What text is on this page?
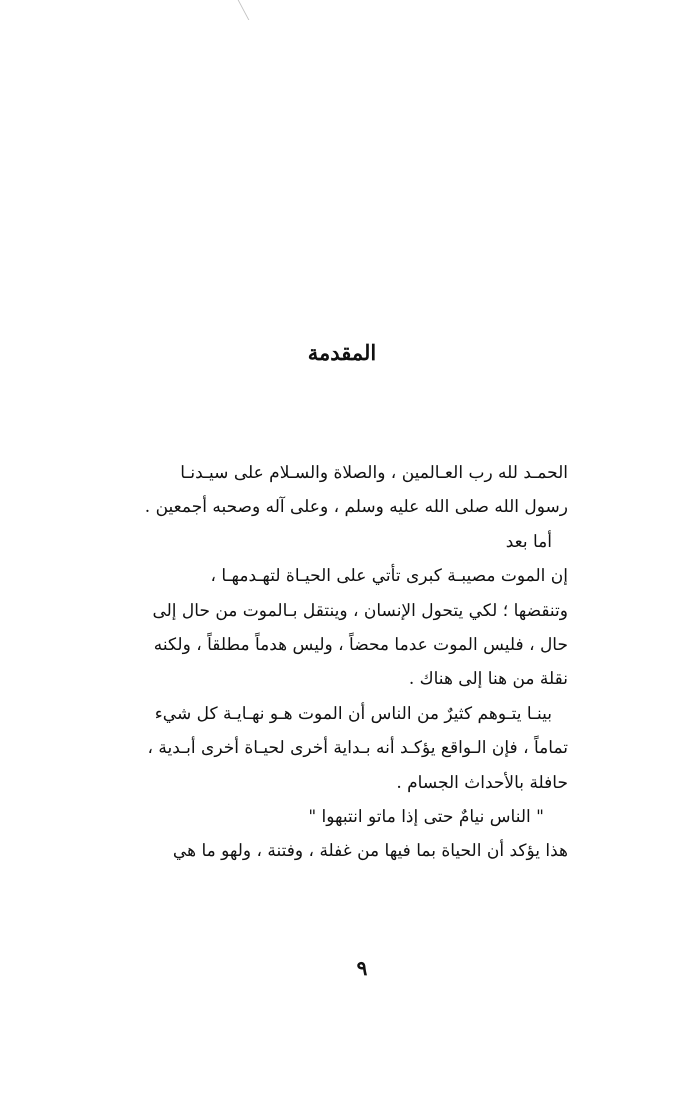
المقدمة
الحمـد لله رب العـالمين ، والصلاة والسـلام على سيـدنـا
رسول الله صلى الله عليه وسلم ، وعلى آله وصحبه أجمعين .
أما بعد
إن الموت مصيبـة كبرى تأتي على الحيـاة لتهـدمهـا ،
وتنقضها ؛ لكي يتحول الإنسان ، وينتقل بـالموت من حال إلى
حال ، فليس الموت عدما محضاً ، وليس هدماً مطلقاً ، ولكنه
نقلة من هنا إلى هناك .
بينـا يتـوهم كثيرٌ من الناس أن الموت هـو نهـايـة كل شيء
تماماً ، فإن الـواقع يؤكـد أنه بـداية أخرى لحيـاة أخرى أبـدية ،
حافلة بالأحداث الجسام .
" الناس نيامٌ حتى إذا ماتو انتبهوا "
هذا يؤكد أن الحياة بما فيها من غفلة ، وفتنة ، ولهو ما هي
٩
